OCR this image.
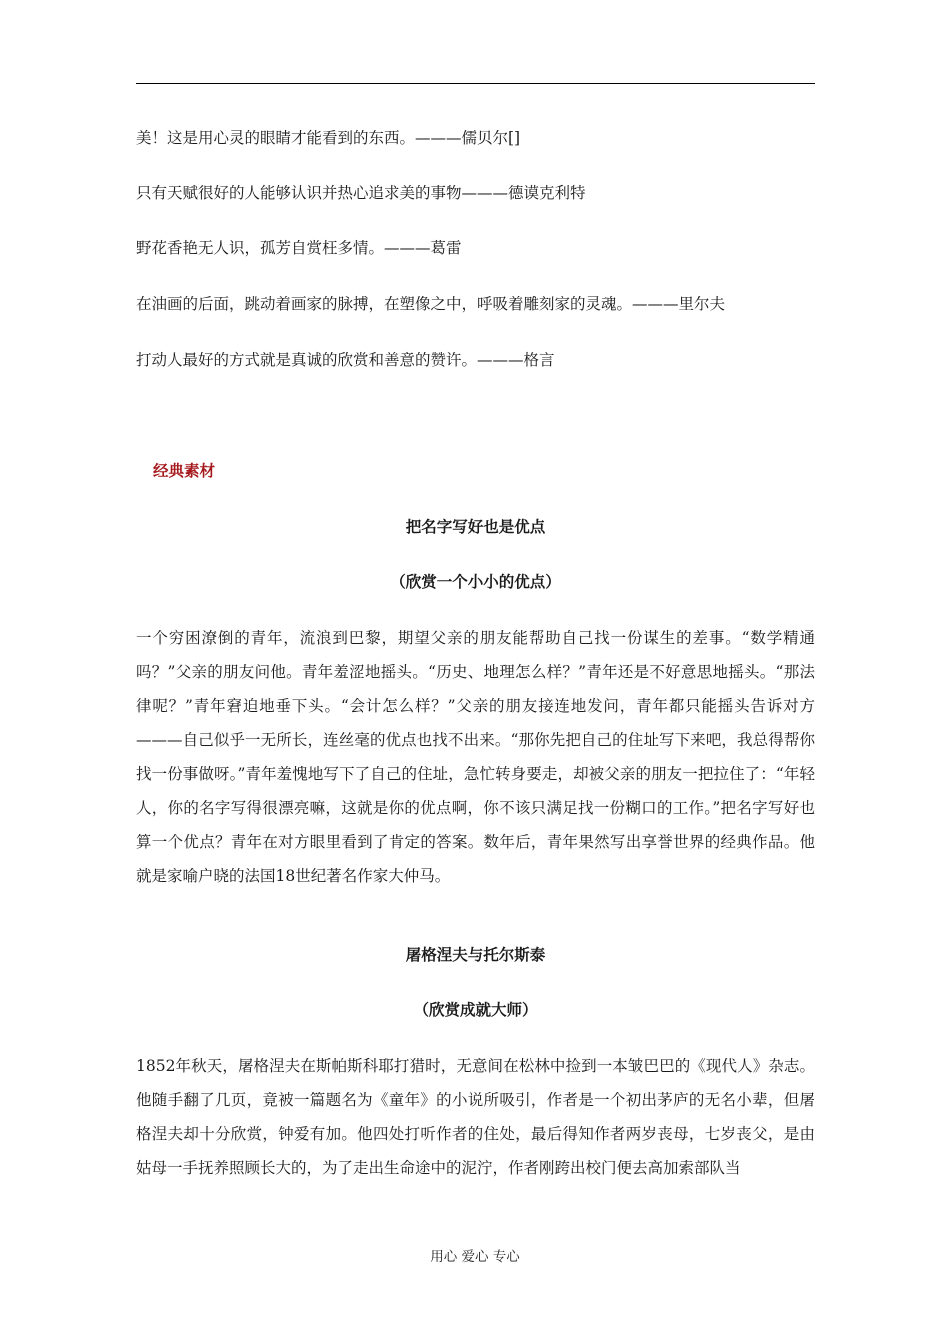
美！这是用心灵的眼睛才能看到的东西。———儒贝尔[]
只有天赋很好的人能够认识并热心追求美的事物———德谟克利特
野花香艳无人识，孤芳自赏枉多情。———葛雷
在油画的后面，跳动着画家的脉搏，在塑像之中，呼吸着雕刻家的灵魂。———里尔夫
打动人最好的方式就是真诚的欣赏和善意的赞许。———格言
经典素材
把名字写好也是优点
（欣赏一个小小的优点）
一个穷困潦倒的青年，流浪到巴黎，期望父亲的朋友能帮助自己找一份谋生的差事。“数学精通吗？”父亲的朋友问他。青年羞涩地摇头。“历史、地理怎么样？”青年还是不好意思地摇头。“那法律呢？”青年窘迫地垂下头。“会计怎么样？”父亲的朋友接连地发问，青年都只能摇头告诉对方———自己似乎一无所长，连丝毫的优点也找不出来。“那你先把自己的住址写下来吧，我总得帮你找一份事做呀。”青年羞愧地写下了自己的住址，急忙转身要走，却被父亲的朋友一把拉住了：“年轻人，你的名字写得很漂亮嘛，这就是你的优点啊，你不该只满足找一份糊口的工作。”把名字写好也算一个优点？青年在对方眼里看到了肯定的答案。数年后，青年果然写出享誉世界的经典作品。他就是家喻户晓的法国18世纪著名作家大仲马。
屠格涅夫与托尔斯泰
（欣赏成就大师）
1852年秋天，屠格涅夫在斯帕斯科耶打猎时，无意间在松林中捡到一本皱巴巴的《现代人》杂志。他随手翻了几页，竟被一篇题名为《童年》的小说所吸引，作者是一个初出茅庐的无名小辈，但屠格涅夫却十分欣赏，钟爱有加。他四处打听作者的住处，最后得知作者两岁丧母，七岁丧父，是由姑母一手抚养照顾长大的，为了走出生命途中的泥泞，作者刚跨出校门便去高加索部队当
用心 爱心 专心
